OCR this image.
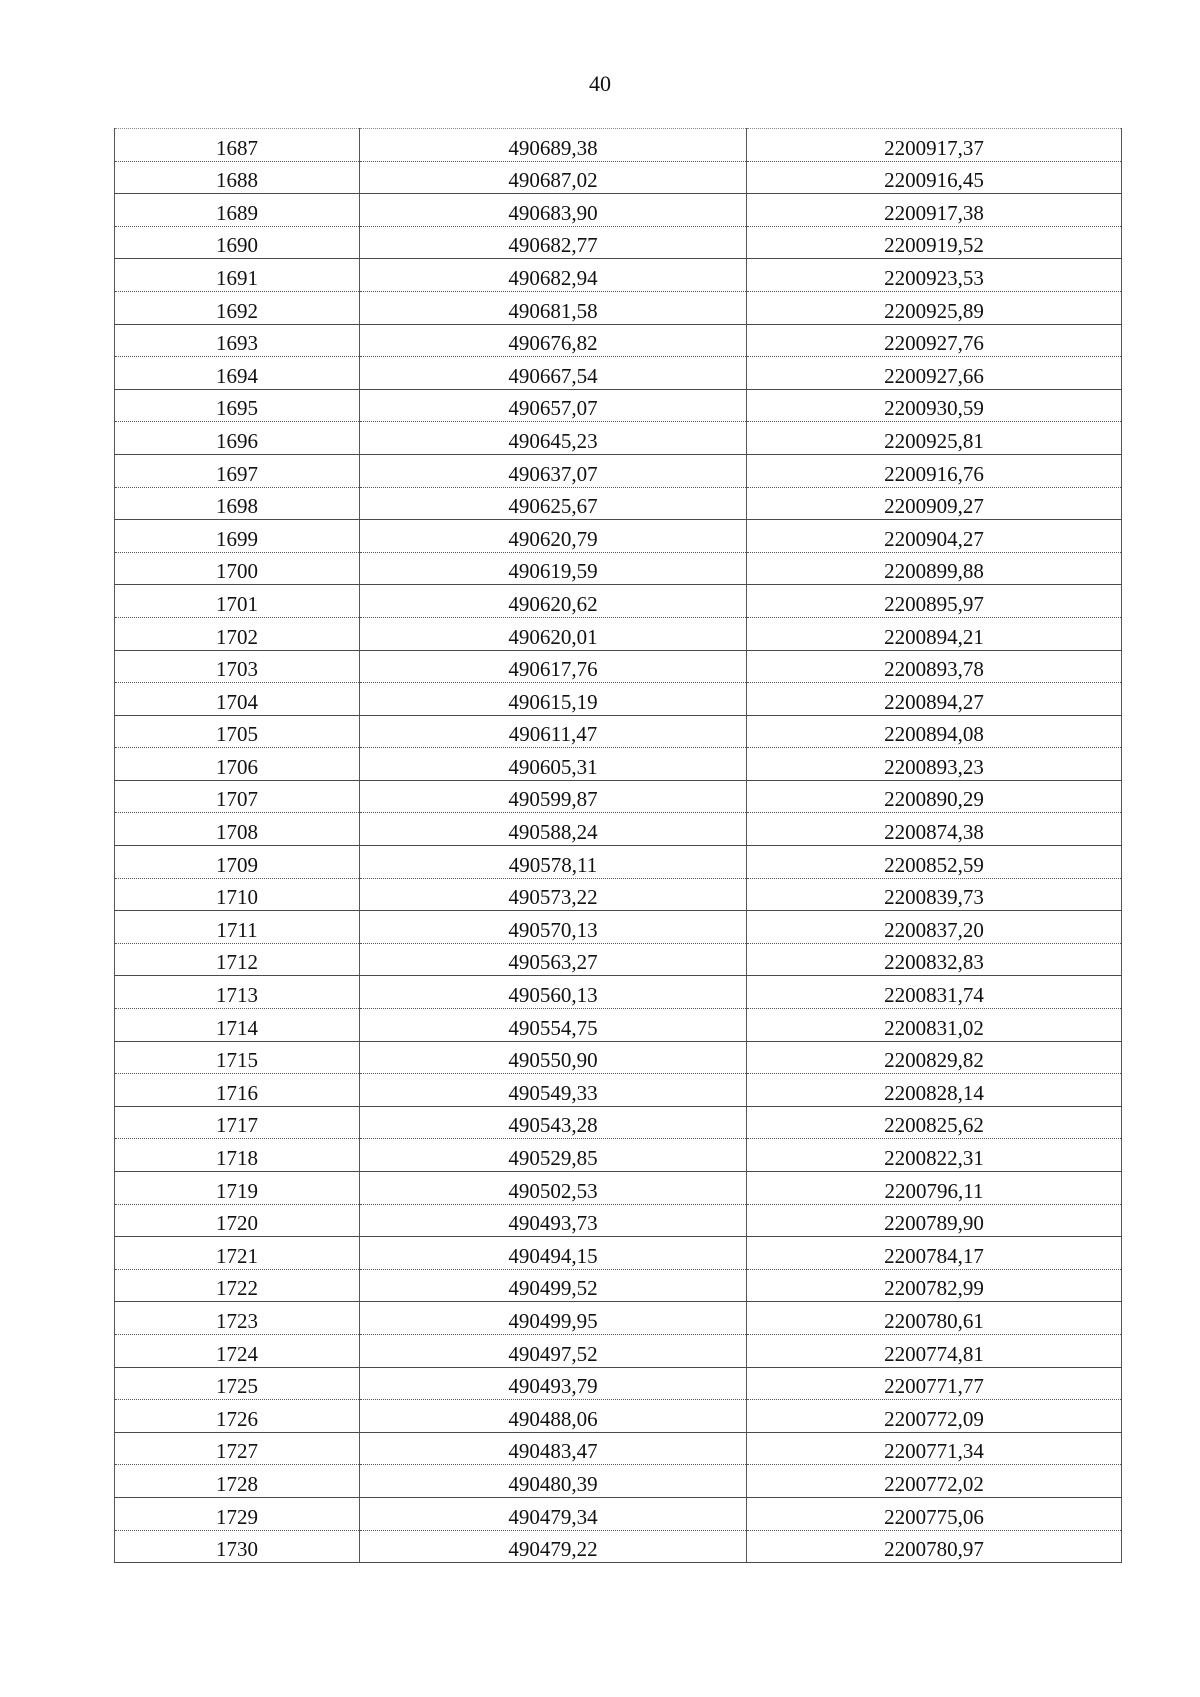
40
1687	490689,38	2200917,37
1688	490687,02	2200916,45
1689	490683,90	2200917,38
1690	490682,77	2200919,52
1691	490682,94	2200923,53
1692	490681,58	2200925,89
1693	490676,82	2200927,76
1694	490667,54	2200927,66
1695	490657,07	2200930,59
1696	490645,23	2200925,81
1697	490637,07	2200916,76
1698	490625,67	2200909,27
1699	490620,79	2200904,27
1700	490619,59	2200899,88
1701	490620,62	2200895,97
1702	490620,01	2200894,21
1703	490617,76	2200893,78
1704	490615,19	2200894,27
1705	490611,47	2200894,08
1706	490605,31	2200893,23
1707	490599,87	2200890,29
1708	490588,24	2200874,38
1709	490578,11	2200852,59
1710	490573,22	2200839,73
1711	490570,13	2200837,20
1712	490563,27	2200832,83
1713	490560,13	2200831,74
1714	490554,75	2200831,02
1715	490550,90	2200829,82
1716	490549,33	2200828,14
1717	490543,28	2200825,62
1718	490529,85	2200822,31
1719	490502,53	2200796,11
1720	490493,73	2200789,90
1721	490494,15	2200784,17
1722	490499,52	2200782,99
1723	490499,95	2200780,61
1724	490497,52	2200774,81
1725	490493,79	2200771,77
1726	490488,06	2200772,09
1727	490483,47	2200771,34
1728	490480,39	2200772,02
1729	490479,34	2200775,06
1730	490479,22	2200780,97
